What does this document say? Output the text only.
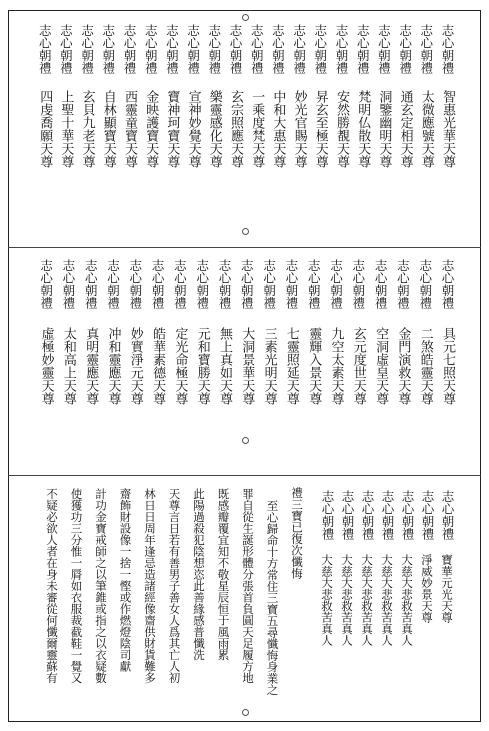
志心朝禮
智惠光華天尊
志心朝禮
太微應號天尊
志心朝禮
通玄定相天尊
志心朝禮
洞鑒幽明天尊
志心朝禮
梵明仏散天尊
志心朝禮
安然勝覩天尊
志心朝禮
昇玄至極天尊
志心朝禮
妙光官賜天尊
志心朝禮
中和大惠天尊
志心朝禮
一乘度梵天尊
志心朝禮
玄宗照應天尊
志心朝禮
樂靈感化天尊
志心朝禮
宣神妙覺天尊
志心朝禮
寶神珂寶天尊
志心朝禮
金映護寶天尊
志心朝禮
西靈童寶天尊
志心朝禮
自林顯寶天尊
志心朝禮
玄貝九老天尊
志心朝禮
上聖十華天尊
志心朝禮
四虔喬願天尊
志心朝禮
具元七照天尊
志心朝禮
二煞皓靈天尊
志心朝禮
金門演救天尊
志心朝禮
空洞虛皇天尊
志心朝禮
玄元度世天尊
志心朝禮
九空太素天尊
志心朝禮
靈輝入景天尊
志心朝禮
七靈照延天尊
志心朝禮
三素光明天尊
志心朝禮
大洞景華天尊
志心朝禮
無上真如天尊
志心朝禮
元和寶勝天尊
志心朝禮
定光命極天尊
志心朝禮
皓華素德天尊
志心朝禮
妙實淨元天尊
志心朝禮
冲和靈應天尊
志心朝禮
真明靈應天尊
志心朝禮
太和高上天尊
志心朝禮
虛極妙靈天尊
志心朝禮
寶華元光天尊
志心朝禮
淨威妙景天尊
志心朝禮
大慈大悲救苦真人
志心朝禮
大慈大悲救苦真人
志心朝禮
大慈大悲救苦真人
志心朝禮
大慈大悲救苦真人
志心朝禮
大慈大悲救苦真人
禮三寶已復次懺悔
至心歸命十方常住三寶五尋懺悔身業之
罪自從生誕形體分張首負圓天足履方地
既感瓣覆宜知不敬星辰恒于風雨累
此陽過殺犯陰想恣此善緣感普懺洗
天尊言日若有善男子善女人爲其亡人初
林日日周年逢忌造諸經像齋供財貨難多
齋飾財設像一捨一慳或作燃燈陰司獻
計功金寶戒師之以筆錐或指之以衣疑數
使獲功三分惟一脣如衣服裁截鞋一覺又
不疑必欲人者在身未審從何懺爾靈蘇有
